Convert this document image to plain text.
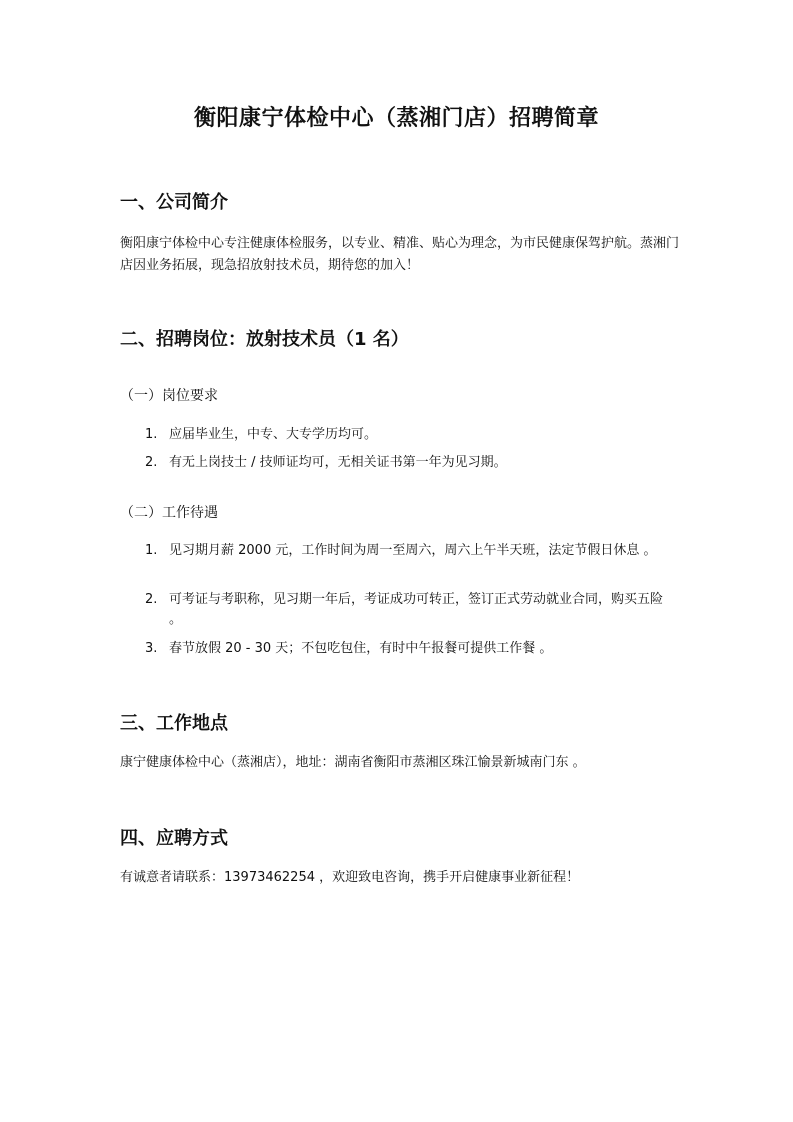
衡阳康宁体检中心（蒸湘门店）招聘简章
一、公司简介
衡阳康宁体检中心专注健康体检服务，以专业、精准、贴心为理念，为市民健康保驾护航。蒸湘门店因业务拓展，现急招放射技术员，期待您的加入！
二、招聘岗位：放射技术员（1 名）
（一）岗位要求
1. 应届毕业生，中专、大专学历均可。
2. 有无上岗技士 / 技师证均可，无相关证书第一年为见习期。
（二）工作待遇
1. 见习期月薪 2000 元，工作时间为周一至周六，周六上午半天班，法定节假日休息 。
2. 可考证与考职称，见习期一年后，考证成功可转正，签订正式劳动就业合同，购买五险 。
3. 春节放假 20 - 30 天；不包吃包住，有时中午报餐可提供工作餐 。
三、工作地点
康宁健康体检中心（蒸湘店），地址：湖南省衡阳市蒸湘区珠江愉景新城南门东 。
四、应聘方式
有诚意者请联系：13973462254 ，欢迎致电咨询，携手开启健康事业新征程！
